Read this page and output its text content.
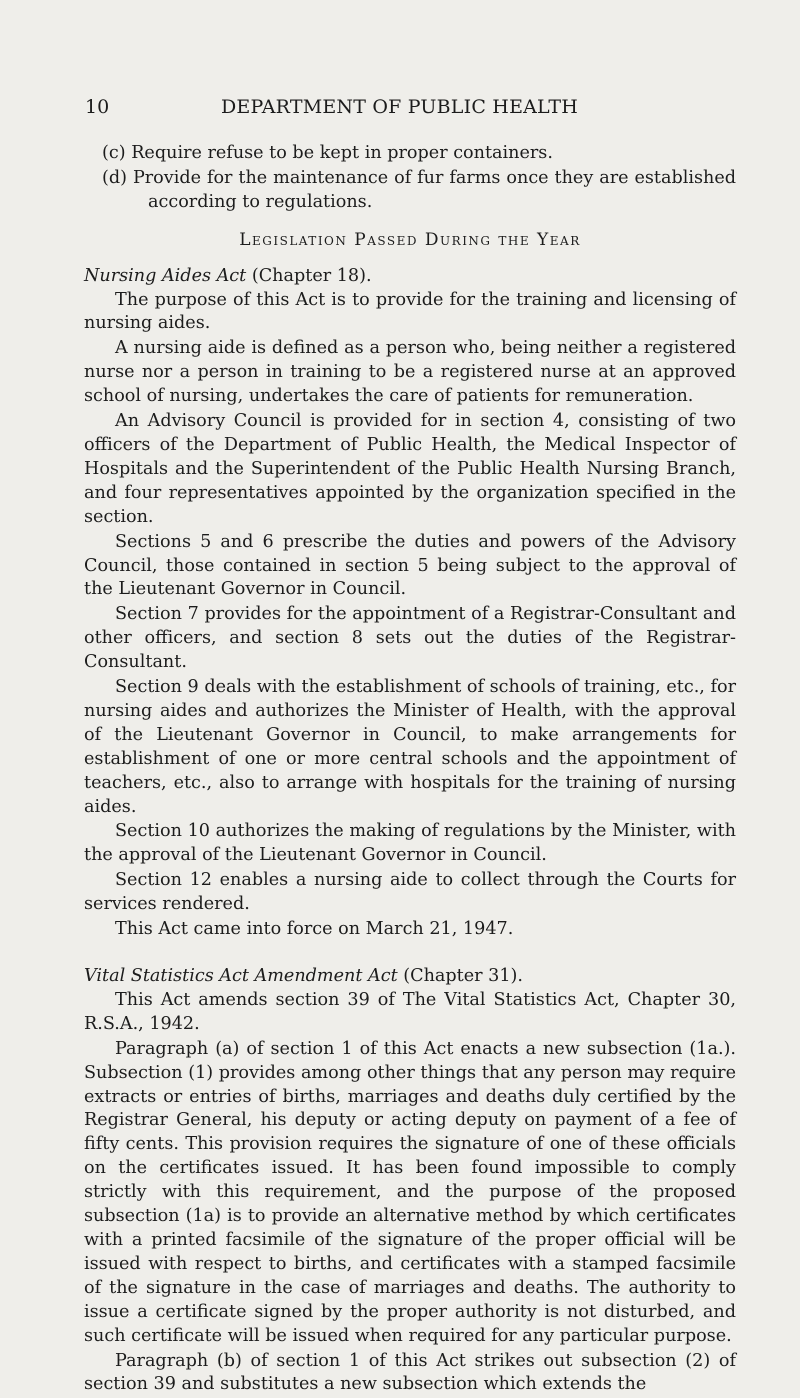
10	DEPARTMENT OF PUBLIC HEALTH

(c) Require refuse to be kept in proper containers.

(d) Provide for the maintenance of fur farms once they are established according to regulations.

Legislation Passed During the Year

Nursing Aides Act (Chapter 18).

The purpose of this Act is to provide for the training and licensing of nursing aides.

A nursing aide is defined as a person who, being neither a registered nurse nor a person in training to be a registered nurse at an approved school of nursing, undertakes the care of patients for remuneration.

An Advisory Council is provided for in section 4, consisting of two officers of the Department of Public Health, the Medical Inspector of Hospitals and the Superintendent of the Public Health Nursing Branch, and four representatives appointed by the organization specified in the section.

Sections 5 and 6 prescribe the duties and powers of the Advisory Council, those contained in section 5 being subject to the approval of the Lieutenant Governor in Council.

Section 7 provides for the appointment of a Registrar-Consultant and other officers, and section 8 sets out the duties of the Registrar-Consultant.

Section 9 deals with the establishment of schools of training, etc., for nursing aides and authorizes the Minister of Health, with the approval of the Lieutenant Governor in Council, to make arrangements for establishment of one or more central schools and the appointment of teachers, etc., also to arrange with hospitals for the training of nursing aides.

Section 10 authorizes the making of regulations by the Minister, with the approval of the Lieutenant Governor in Council.

Section 12 enables a nursing aide to collect through the Courts for services rendered.

This Act came into force on March 21, 1947.

Vital Statistics Act Amendment Act (Chapter 31).

This Act amends section 39 of The Vital Statistics Act, Chapter 30, R.S.A., 1942.

Paragraph (a) of section 1 of this Act enacts a new subsection (1a.). Subsection (1) provides among other things that any person may require extracts or entries of births, marriages and deaths duly certified by the Registrar General, his deputy or acting deputy on payment of a fee of fifty cents. This provision requires the signature of one of these officials on the certificates issued. It has been found impossible to comply strictly with this requirement, and the purpose of the proposed subsection (1a) is to provide an alternative method by which certificates with a printed facsimile of the signature of the proper official will be issued with respect to births, and certificates with a stamped facsimile of the signature in the case of marriages and deaths. The authority to issue a certificate signed by the proper authority is not disturbed, and such certificate will be issued when required for any particular purpose.

Paragraph (b) of section 1 of this Act strikes out subsection (2) of section 39 and substitutes a new subsection which extends the
